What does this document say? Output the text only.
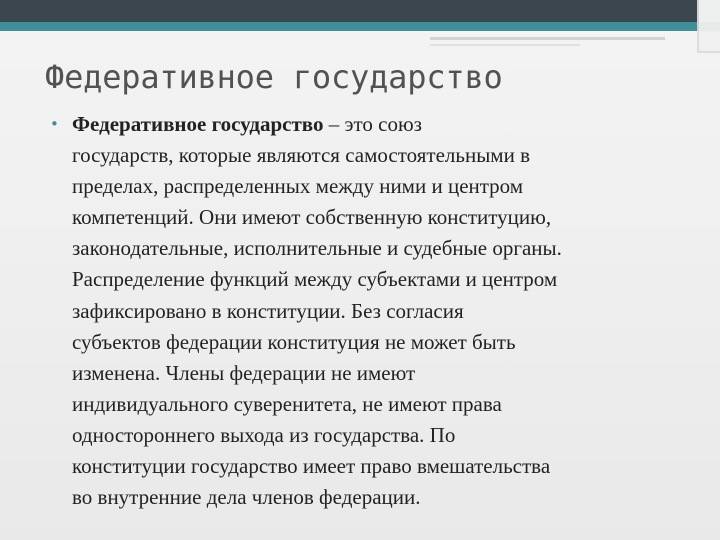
Федеративное государство
• Федеративное государство – это союз
государств, которые являются самостоятельными в
пределах, распределенных между ними и центром
компетенций. Они имеют собственную конституцию,
законодательные, исполнительные и судебные органы.
Распределение функций между субъектами и центром
зафиксировано в конституции. Без согласия
субъектов федерации конституция не может быть
изменена. Члены федерации не имеют
индивидуального суверенитета, не имеют права
одностороннего выхода из государства. По
конституции государство имеет право вмешательства
во внутренние дела членов федерации.
